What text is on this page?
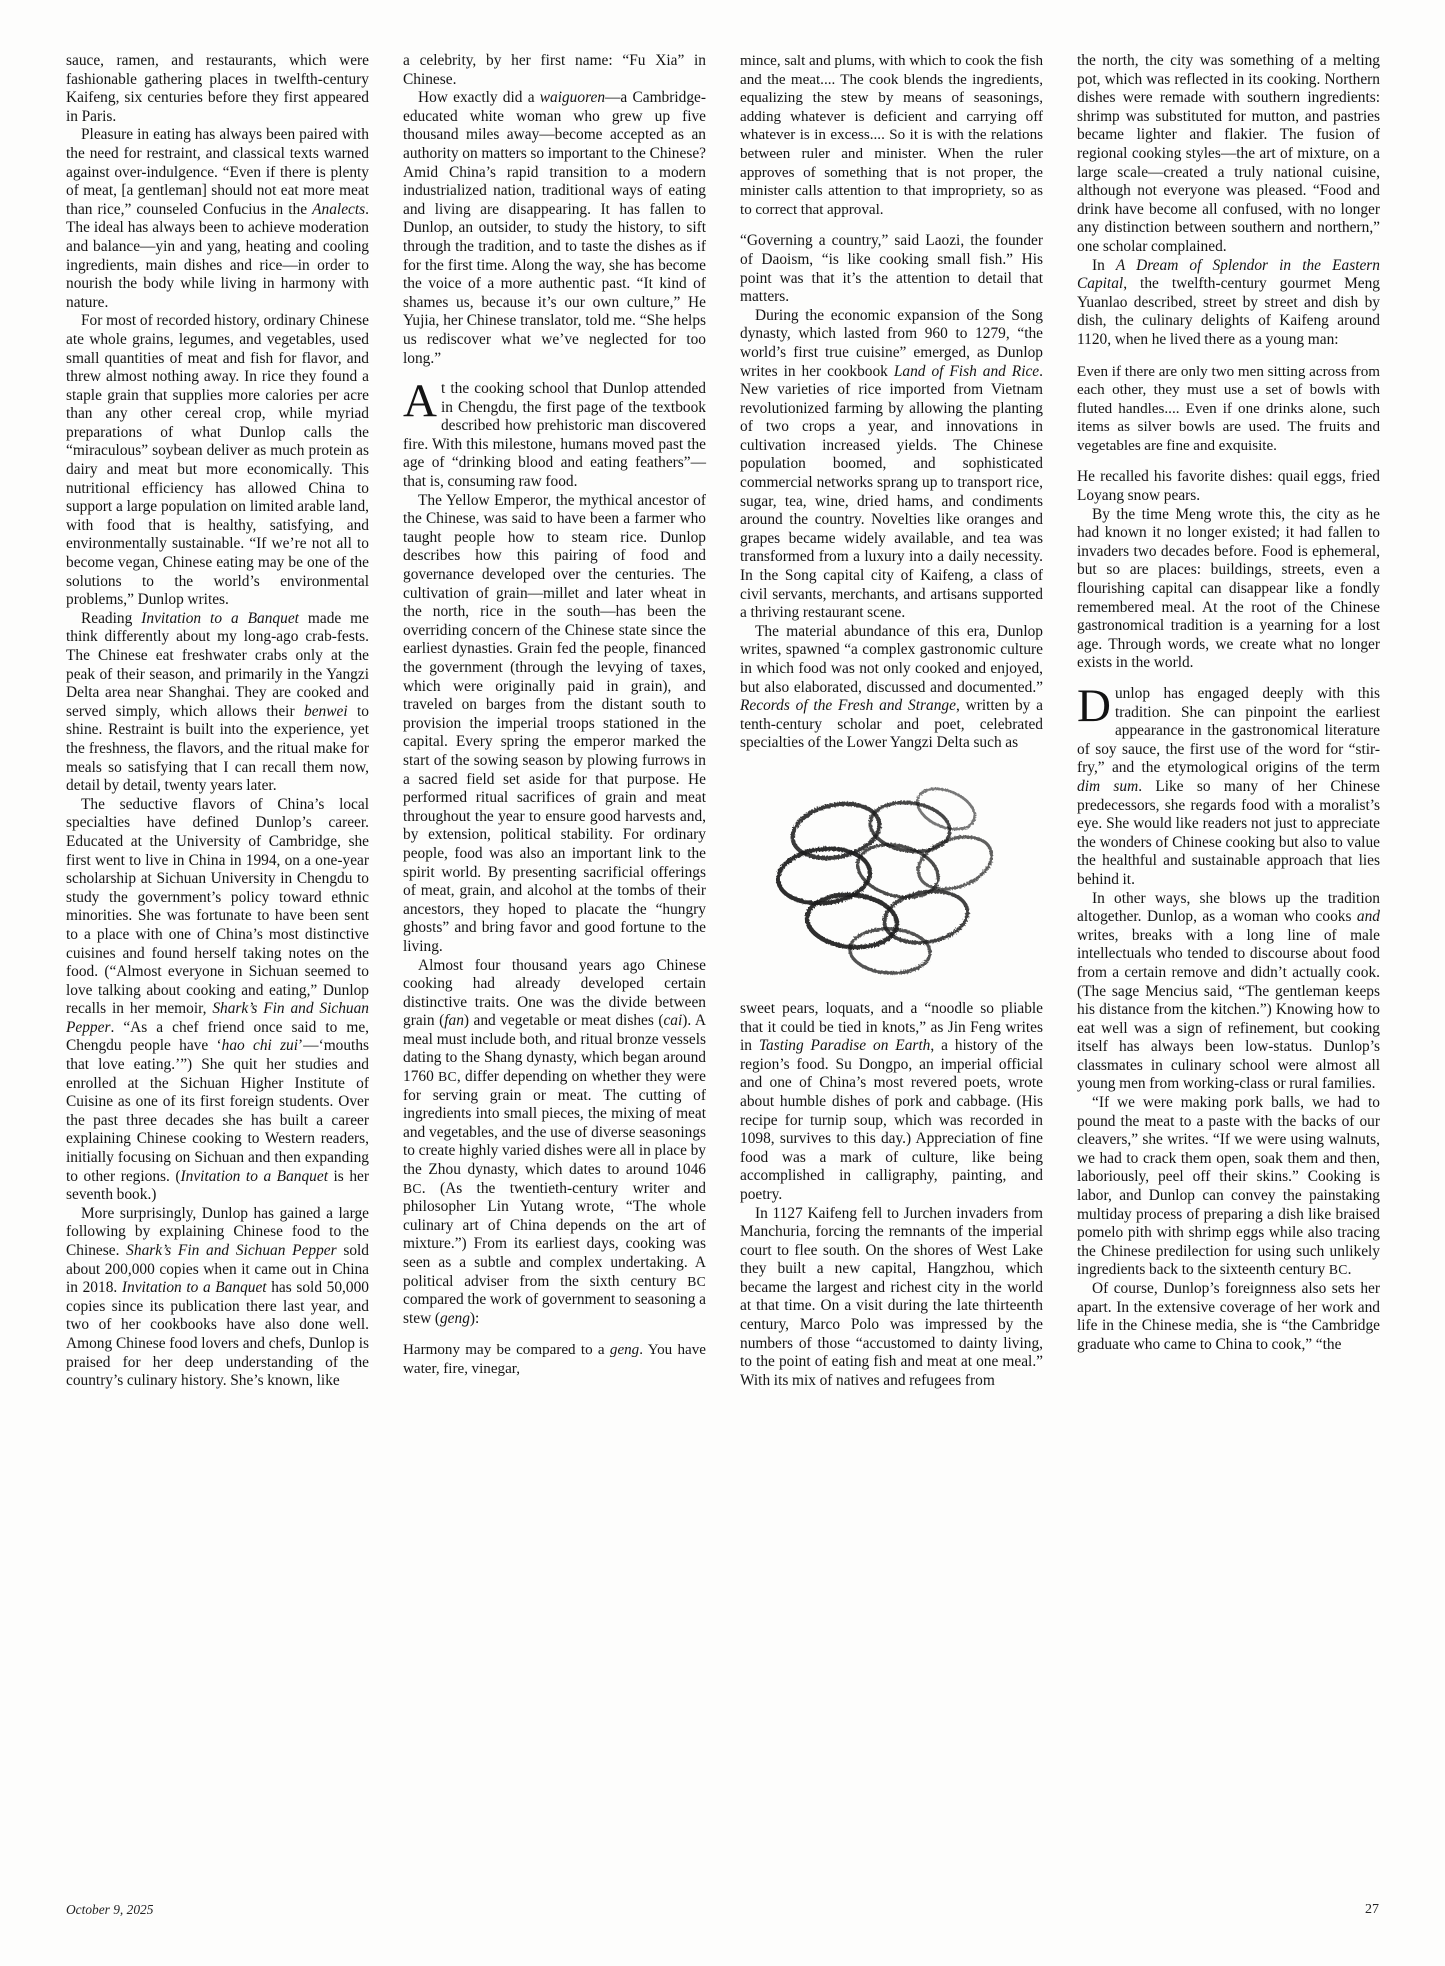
sauce, ramen, and restaurants, which were fashionable gathering places in twelfth-century Kaifeng, six centuries before they first appeared in Paris.

Pleasure in eating has always been paired with the need for restraint, and classical texts warned against over-indulgence. “Even if there is plenty of meat, [a gentleman] should not eat more meat than rice,” counseled Confucius in the Analects. The ideal has always been to achieve moderation and balance—yin and yang, heating and cooling ingredients, main dishes and rice—in order to nourish the body while living in harmony with nature.

For most of recorded history, ordinary Chinese ate whole grains, legumes, and vegetables, used small quantities of meat and fish for flavor, and threw almost nothing away. In rice they found a staple grain that supplies more calories per acre than any other cereal crop, while myriad preparations of what Dunlop calls the “miraculous” soybean deliver as much protein as dairy and meat but more economically. This nutritional efficiency has allowed China to support a large population on limited arable land, with food that is healthy, satisfying, and environmentally sustainable. “If we’re not all to become vegan, Chinese eating may be one of the solutions to the world’s environmental problems,” Dunlop writes.

Reading Invitation to a Banquet made me think differently about my long-ago crab-fests. The Chinese eat freshwater crabs only at the peak of their season, and primarily in the Yangzi Delta area near Shanghai. They are cooked and served simply, which allows their benwei to shine. Restraint is built into the experience, yet the freshness, the flavors, and the ritual make for meals so satisfying that I can recall them now, detail by detail, twenty years later.

The seductive flavors of China’s local specialties have defined Dunlop’s career. Educated at the University of Cambridge, she first went to live in China in 1994, on a one-year scholarship at Sichuan University in Chengdu to study the government’s policy toward ethnic minorities. She was fortunate to have been sent to a place with one of China’s most distinctive cuisines and found herself taking notes on the food. (“Almost everyone in Sichuan seemed to love talking about cooking and eating,” Dunlop recalls in her memoir, Shark’s Fin and Sichuan Pepper. “As a chef friend once said to me, Chengdu people have ‘hao chi zui’—‘mouths that love eating.’”) She quit her studies and enrolled at the Sichuan Higher Institute of Cuisine as one of its first foreign students. Over the past three decades she has built a career explaining Chinese cooking to Western readers, initially focusing on Sichuan and then expanding to other regions. (Invitation to a Banquet is her seventh book.)

More surprisingly, Dunlop has gained a large following by explaining Chinese food to the Chinese. Shark’s Fin and Sichuan Pepper sold about 200,000 copies when it came out in China in 2018. Invitation to a Banquet has sold 50,000 copies since its publication there last year, and two of her cookbooks have also done well. Among Chinese food lovers and chefs, Dunlop is praised for her deep understanding of the country’s culinary history. She’s known, like

a celebrity, by her first name: “Fu Xia” in Chinese.

How exactly did a waiguoren—a Cambridge-educated white woman who grew up five thousand miles away—become accepted as an authority on matters so important to the Chinese? Amid China’s rapid transition to a modern industrialized nation, traditional ways of eating and living are disappearing. It has fallen to Dunlop, an outsider, to study the history, to sift through the tradition, and to taste the dishes as if for the first time. Along the way, she has become the voice of a more authentic past. “It kind of shames us, because it’s our own culture,” He Yujia, her Chinese translator, told me. “She helps us rediscover what we’ve neglected for too long.”

A t the cooking school that Dunlop attended in Chengdu, the first page of the textbook described how prehistoric man discovered fire. With this milestone, humans moved past the age of “drinking blood and eating feathers”—that is, consuming raw food.

The Yellow Emperor, the mythical ancestor of the Chinese, was said to have been a farmer who taught people how to steam rice. Dunlop describes how this pairing of food and governance developed over the centuries. The cultivation of grain—millet and later wheat in the north, rice in the south—has been the overriding concern of the Chinese state since the earliest dynasties. Grain fed the people, financed the government (through the levying of taxes, which were originally paid in grain), and traveled on barges from the distant south to provision the imperial troops stationed in the capital. Every spring the emperor marked the start of the sowing season by plowing furrows in a sacred field set aside for that purpose. He performed ritual sacrifices of grain and meat throughout the year to ensure good harvests and, by extension, political stability. For ordinary people, food was also an important link to the spirit world. By presenting sacrificial offerings of meat, grain, and alcohol at the tombs of their ancestors, they hoped to placate the “hungry ghosts” and bring favor and good fortune to the living.

Almost four thousand years ago Chinese cooking had already developed certain distinctive traits. One was the divide between grain (fan) and vegetable or meat dishes (cai). A meal must include both, and ritual bronze vessels dating to the Shang dynasty, which began around 1760 BC, differ depending on whether they were for serving grain or meat. The cutting of ingredients into small pieces, the mixing of meat and vegetables, and the use of diverse seasonings to create highly varied dishes were all in place by the Zhou dynasty, which dates to around 1046 BC. (As the twentieth-century writer and philosopher Lin Yutang wrote, “The whole culinary art of China depends on the art of mixture.”) From its earliest days, cooking was seen as a subtle and complex undertaking. A political adviser from the sixth century BC compared the work of government to seasoning a stew (geng):

Harmony may be compared to a geng. You have water, fire, vinegar,

mince, salt and plums, with which to cook the fish and the meat.... The cook blends the ingredients, equalizing the stew by means of seasonings, adding whatever is deficient and carrying off whatever is in excess.... So it is with the relations between ruler and minister. When the ruler approves of something that is not proper, the minister calls attention to that impropriety, so as to correct that approval.

“Governing a country,” said Laozi, the founder of Daoism, “is like cooking small fish.” His point was that it’s the attention to detail that matters.

During the economic expansion of the Song dynasty, which lasted from 960 to 1279, “the world’s first true cuisine” emerged, as Dunlop writes in her cookbook Land of Fish and Rice. New varieties of rice imported from Vietnam revolutionized farming by allowing the planting of two crops a year, and innovations in cultivation increased yields. The Chinese population boomed, and sophisticated commercial networks sprang up to transport rice, sugar, tea, wine, dried hams, and condiments around the country. Novelties like oranges and grapes became widely available, and tea was transformed from a luxury into a daily necessity. In the Song capital city of Kaifeng, a class of civil servants, merchants, and artisans supported a thriving restaurant scene.

The material abundance of this era, Dunlop writes, spawned “a complex gastronomic culture in which food was not only cooked and enjoyed, but also elaborated, discussed and documented.” Records of the Fresh and Strange, written by a tenth-century scholar and poet, celebrated specialties of the Lower Yangzi Delta such as

sweet pears, loquats, and a “noodle so pliable that it could be tied in knots,” as Jin Feng writes in Tasting Paradise on Earth, a history of the region’s food. Su Dongpo, an imperial official and one of China’s most revered poets, wrote about humble dishes of pork and cabbage. (His recipe for turnip soup, which was recorded in 1098, survives to this day.) Appreciation of fine food was a mark of culture, like being accomplished in calligraphy, painting, and poetry.

In 1127 Kaifeng fell to Jurchen invaders from Manchuria, forcing the remnants of the imperial court to flee south. On the shores of West Lake they built a new capital, Hangzhou, which became the largest and richest city in the world at that time. On a visit during the late thirteenth century, Marco Polo was impressed by the numbers of those “accustomed to dainty living, to the point of eating fish and meat at one meal.” With its mix of natives and refugees from

the north, the city was something of a melting pot, which was reflected in its cooking. Northern dishes were remade with southern ingredients: shrimp was substituted for mutton, and pastries became lighter and flakier. The fusion of regional cooking styles—the art of mixture, on a large scale—created a truly national cuisine, although not everyone was pleased. “Food and drink have become all confused, with no longer any distinction between southern and northern,” one scholar complained.

In A Dream of Splendor in the Eastern Capital, the twelfth-century gourmet Meng Yuanlao described, street by street and dish by dish, the culinary delights of Kaifeng around 1120, when he lived there as a young man:

Even if there are only two men sitting across from each other, they must use a set of bowls with fluted handles.... Even if one drinks alone, such items as silver bowls are used. The fruits and vegetables are fine and exquisite.

He recalled his favorite dishes: quail eggs, fried Loyang snow pears.

By the time Meng wrote this, the city as he had known it no longer existed; it had fallen to invaders two decades before. Food is ephemeral, but so are places: buildings, streets, even a flourishing capital can disappear like a fondly remembered meal. At the root of the Chinese gastronomical tradition is a yearning for a lost age. Through words, we create what no longer exists in the world.

D unlop has engaged deeply with this tradition. She can pinpoint the earliest appearance in the gastronomical literature of soy sauce, the first use of the word for “stir-fry,” and the etymological origins of the term dim sum. Like so many of her Chinese predecessors, she regards food with a moralist’s eye. She would like readers not just to appreciate the wonders of Chinese cooking but also to value the healthful and sustainable approach that lies behind it.

In other ways, she blows up the tradition altogether. Dunlop, as a woman who cooks and writes, breaks with a long line of male intellectuals who tended to discourse about food from a certain remove and didn’t actually cook. (The sage Mencius said, “The gentleman keeps his distance from the kitchen.”) Knowing how to eat well was a sign of refinement, but cooking itself has always been low-status. Dunlop’s classmates in culinary school were almost all young men from working-class or rural families.

“If we were making pork balls, we had to pound the meat to a paste with the backs of our cleavers,” she writes. “If we were using walnuts, we had to crack them open, soak them and then, laboriously, peel off their skins.” Cooking is labor, and Dunlop can convey the painstaking multiday process of preparing a dish like braised pomelo pith with shrimp eggs while also tracing the Chinese predilection for using such unlikely ingredients back to the sixteenth century BC.

Of course, Dunlop’s foreignness also sets her apart. In the extensive coverage of her work and life in the Chinese media, she is “the Cambridge graduate who came to China to cook,” “the

October 9, 2025	27
